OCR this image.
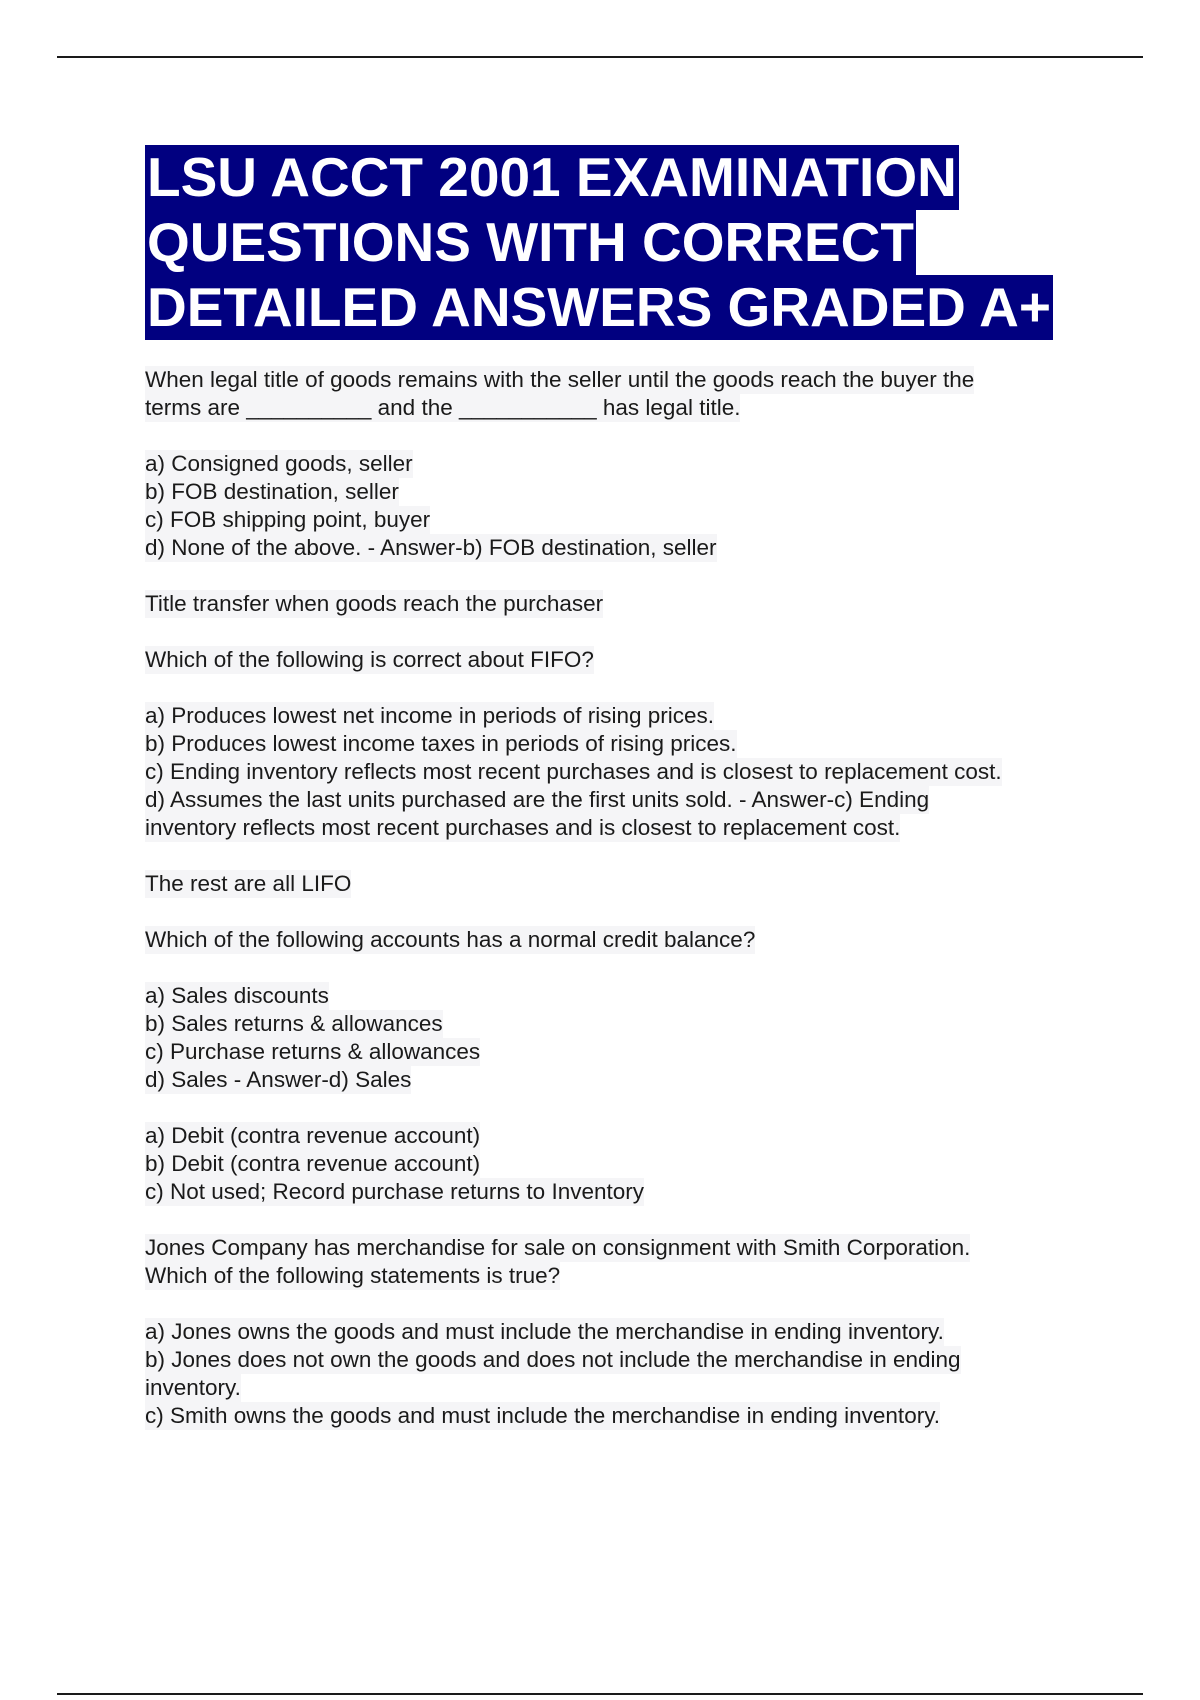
LSU ACCT 2001 EXAMINATION
QUESTIONS WITH CORRECT
DETAILED ANSWERS GRADED A+
When legal title of goods remains with the seller until the goods reach the buyer the
terms are __________ and the ___________ has legal title.
a) Consigned goods, seller
b) FOB destination, seller
c) FOB shipping point, buyer
d) None of the above. - Answer-b) FOB destination, seller
Title transfer when goods reach the purchaser
Which of the following is correct about FIFO?
a) Produces lowest net income in periods of rising prices.
b) Produces lowest income taxes in periods of rising prices.
c) Ending inventory reflects most recent purchases and is closest to replacement cost.
d) Assumes the last units purchased are the first units sold. - Answer-c) Ending
inventory reflects most recent purchases and is closest to replacement cost.
The rest are all LIFO
Which of the following accounts has a normal credit balance?
a) Sales discounts
b) Sales returns & allowances
c) Purchase returns & allowances
d) Sales - Answer-d) Sales
a) Debit (contra revenue account)
b) Debit (contra revenue account)
c) Not used; Record purchase returns to Inventory
Jones Company has merchandise for sale on consignment with Smith Corporation.
Which of the following statements is true?
a) Jones owns the goods and must include the merchandise in ending inventory.
b) Jones does not own the goods and does not include the merchandise in ending
inventory.
c) Smith owns the goods and must include the merchandise in ending inventory.
